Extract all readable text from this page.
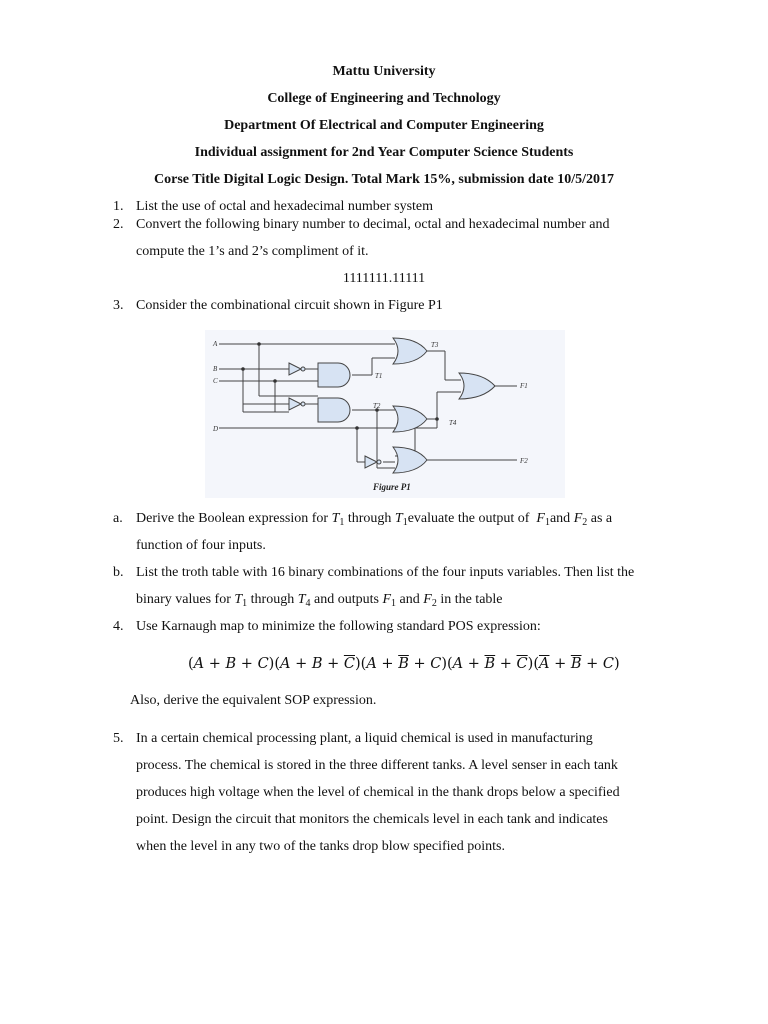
Mattu University
College of Engineering and Technology
Department Of Electrical and Computer Engineering
Individual assignment for 2nd Year Computer Science Students
Corse Title Digital Logic Design. Total Mark 15%, submission date 10/5/2017
1. List the use of octal and hexadecimal number system
2. Convert the following binary number to decimal, octal and hexadecimal number and
compute the 1’s and 2’s compliment of it.
1111111.11111
3. Consider the combinational circuit shown in Figure P1
A
B
C
D
T1
T2
T3
T4
F1
F2
Figure P1
a. Derive the Boolean expression for $T_1$ through $T_1evaluate$ the output of $F_1and$ $F_2$ as a
function of four inputs.
b. List the troth table with 16 binary combinations of the four inputs variables. Then list the
binary values for $T_1$ through $T_4$ and outputs $F_1$ and $F_2$ in the table
4. Use Karnaugh map to minimize the following standard POS expression:
$(A + B + C)(A + B + \overline{C})(A + \overline{B} + C)(A + \overline{B} + \overline{C})(\overline{A} + \overline{B} + C)$
Also, derive the equivalent SOP expression.
5. In a certain chemical processing plant, a liquid chemical is used in manufacturing
process. The chemical is stored in the three different tanks. A level senser in each tank
produces high voltage when the level of chemical in the thank drops below a specified
point. Design the circuit that monitors the chemicals level in each tank and indicates
when the level in any two of the tanks drop blow specified points.
